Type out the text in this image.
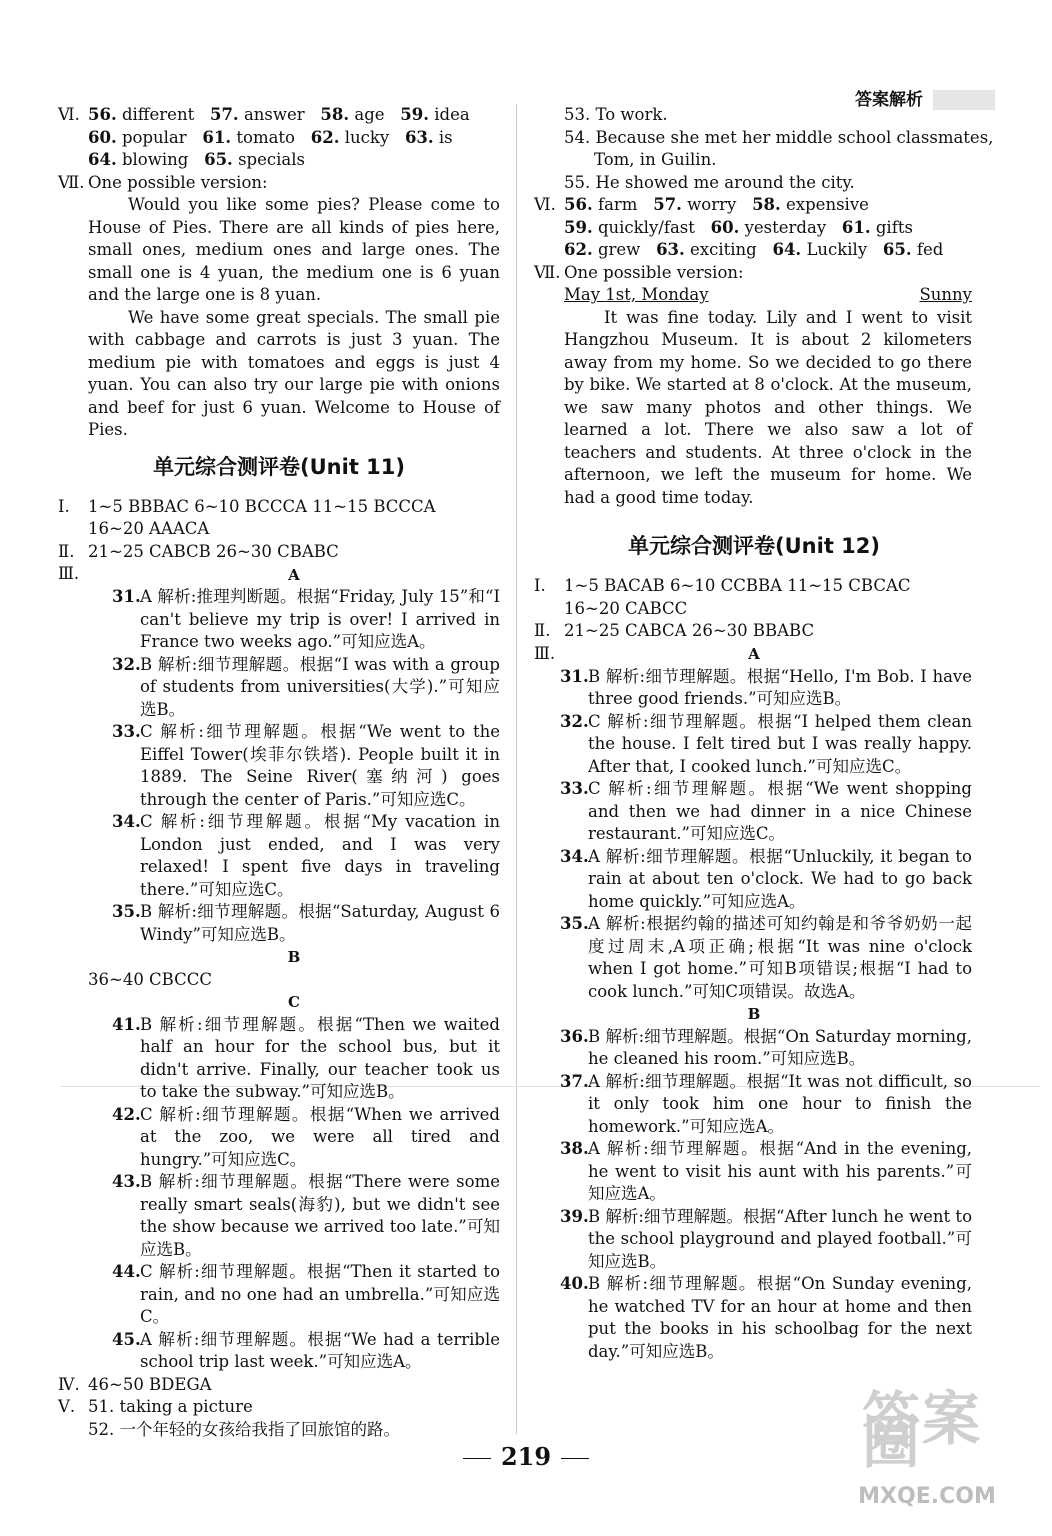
答案解析
Ⅵ. 56. different 57. answer 58. age 59. idea
60. popular 61. tomato 62. lucky 63. is
64. blowing 65. specials
Ⅶ. One possible version:
Would you like some pies? Please come to House of Pies. There are all kinds of pies here, small ones, medium ones and large ones. The small one is 4 yuan, the medium one is 6 yuan and the large one is 8 yuan.
We have some great specials. The small pie with cabbage and carrots is just 3 yuan. The medium pie with tomatoes and eggs is just 4 yuan. You can also try our large pie with onions and beef for just 6 yuan. Welcome to House of Pies.
单元综合测评卷(Unit 11)
Ⅰ. 1~5 BBBAC 6~10 BCCCA 11~15 BCCCA
16~20 AAACA
Ⅱ. 21~25 CABCB 26~30 CBABC
Ⅲ.	A
31. A 解析:推理判断题。根据“Friday, July 15”和“I can't believe my trip is over! I arrived in France two weeks ago.”可知应选A。
32. B 解析:细节理解题。根据“I was with a group of students from universities(大学).”可知应选B。
33. C 解析:细节理解题。根据“We went to the Eiffel Tower(埃菲尔铁塔). People built it in 1889. The Seine River(塞纳河) goes through the center of Paris.”可知应选C。
34. C 解析:细节理解题。根据“My vacation in London just ended, and I was very relaxed! I spent five days in traveling there.”可知应选C。
35. B 解析:细节理解题。根据“Saturday, August 6 Windy”可知应选B。
B
36~40 CBCCC
C
41. B 解析:细节理解题。根据“Then we waited half an hour for the school bus, but it didn't arrive. Finally, our teacher took us to take the subway.”可知应选B。
42. C 解析:细节理解题。根据“When we arrived at the zoo, we were all tired and hungry.”可知应选C。
43. B 解析:细节理解题。根据“There were some really smart seals(海豹), but we didn't see the show because we arrived too late.”可知应选B。
44. C 解析:细节理解题。根据“Then it started to rain, and no one had an umbrella.”可知应选C。
45. A 解析:细节理解题。根据“We had a terrible school trip last week.”可知应选A。
Ⅳ. 46~50 BDEGA
Ⅴ. 51. taking a picture
52. 一个年轻的女孩给我指了回旅馆的路。
53. To work.
54. Because she met her middle school classmates,
Tom, in Guilin.
55. He showed me around the city.
Ⅵ. 56. farm 57. worry 58. expensive
59. quickly/fast 60. yesterday 61. gifts
62. grew 63. exciting 64. Luckily 65. fed
Ⅶ. One possible version:
May 1st, Monday	Sunny
It was fine today. Lily and I went to visit Hangzhou Museum. It is about 2 kilometers away from my home. So we decided to go there by bike. We started at 8 o'clock. At the museum, we saw many photos and other things. We learned a lot. There we also saw a lot of teachers and students. At three o'clock in the afternoon, we left the museum for home. We had a good time today.
单元综合测评卷(Unit 12)
Ⅰ. 1~5 BACAB 6~10 CCBBA 11~15 CBCAC
16~20 CABCC
Ⅱ. 21~25 CABCA 26~30 BBABC
Ⅲ.	A
31. B 解析:细节理解题。根据“Hello, I'm Bob. I have three good friends.”可知应选B。
32. C 解析:细节理解题。根据“I helped them clean the house. I felt tired but I was really happy. After that, I cooked lunch.”可知应选C。
33. C 解析:细节理解题。根据“We went shopping and then we had dinner in a nice Chinese restaurant.”可知应选C。
34. A 解析:细节理解题。根据“Unluckily, it began to rain at about ten o'clock. We had to go back home quickly.”可知应选A。
35. A 解析:根据约翰的描述可知约翰是和爷爷奶奶一起度过周末,A项正确;根据“It was nine o'clock when I got home.”可知B项错误;根据“I had to cook lunch.”可知C项错误。故选A。
B
36. B 解析:细节理解题。根据“On Saturday morning, he cleaned his room.”可知应选B。
37. A 解析:细节理解题。根据“It was not difficult, so it only took him one hour to finish the homework.”可知应选A。
38. A 解析:细节理解题。根据“And in the evening, he went to visit his aunt with his parents.”可知应选A。
39. B 解析:细节理解题。根据“After lunch he went to the school playground and played football.”可知应选B。
40. B 解析:细节理解题。根据“On Sunday evening, he watched TV for an hour at home and then put the books in his schoolbag for the next day.”可知应选B。
219
答案圈
MXQE.COM
